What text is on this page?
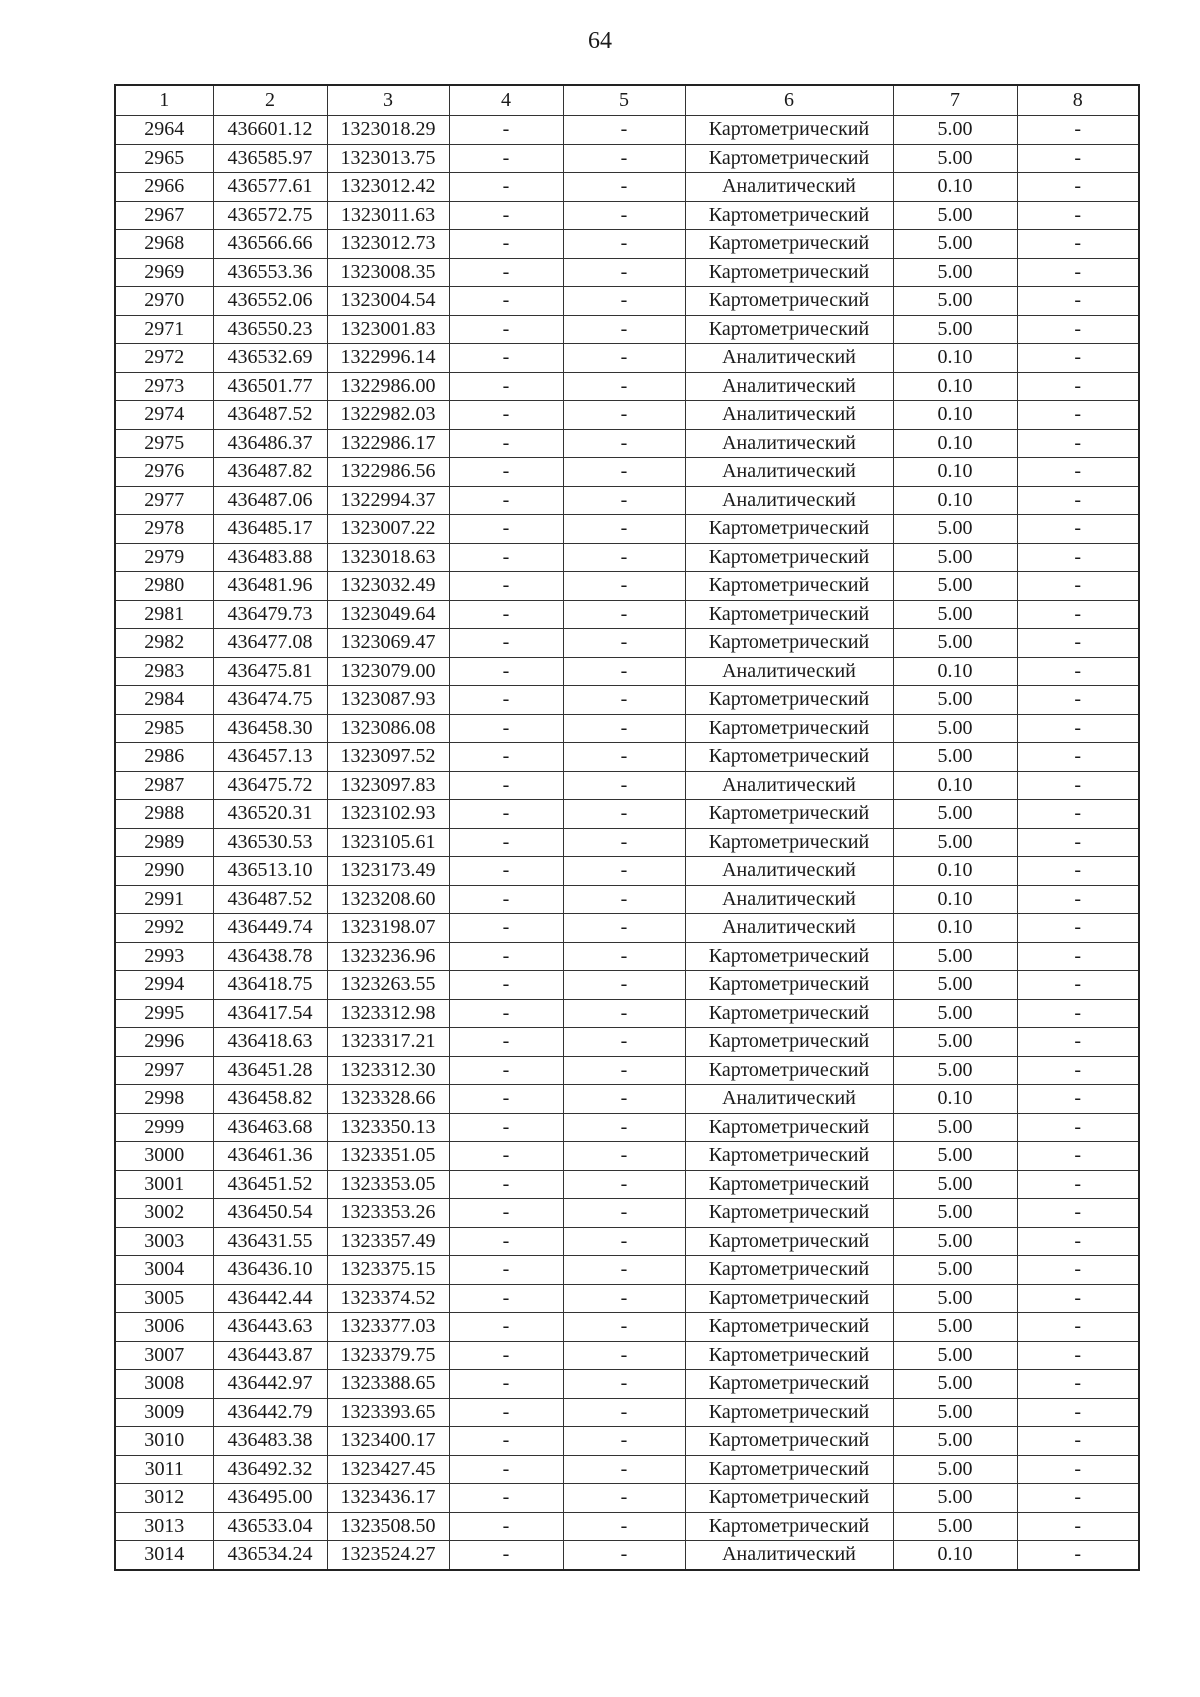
64
1	2	3	4	5	6	7	8
2964	436601.12	1323018.29	-	-	Картометрический	5.00	-
2965	436585.97	1323013.75	-	-	Картометрический	5.00	-
2966	436577.61	1323012.42	-	-	Аналитический	0.10	-
2967	436572.75	1323011.63	-	-	Картометрический	5.00	-
2968	436566.66	1323012.73	-	-	Картометрический	5.00	-
2969	436553.36	1323008.35	-	-	Картометрический	5.00	-
2970	436552.06	1323004.54	-	-	Картометрический	5.00	-
2971	436550.23	1323001.83	-	-	Картометрический	5.00	-
2972	436532.69	1322996.14	-	-	Аналитический	0.10	-
2973	436501.77	1322986.00	-	-	Аналитический	0.10	-
2974	436487.52	1322982.03	-	-	Аналитический	0.10	-
2975	436486.37	1322986.17	-	-	Аналитический	0.10	-
2976	436487.82	1322986.56	-	-	Аналитический	0.10	-
2977	436487.06	1322994.37	-	-	Аналитический	0.10	-
2978	436485.17	1323007.22	-	-	Картометрический	5.00	-
2979	436483.88	1323018.63	-	-	Картометрический	5.00	-
2980	436481.96	1323032.49	-	-	Картометрический	5.00	-
2981	436479.73	1323049.64	-	-	Картометрический	5.00	-
2982	436477.08	1323069.47	-	-	Картометрический	5.00	-
2983	436475.81	1323079.00	-	-	Аналитический	0.10	-
2984	436474.75	1323087.93	-	-	Картометрический	5.00	-
2985	436458.30	1323086.08	-	-	Картометрический	5.00	-
2986	436457.13	1323097.52	-	-	Картометрический	5.00	-
2987	436475.72	1323097.83	-	-	Аналитический	0.10	-
2988	436520.31	1323102.93	-	-	Картометрический	5.00	-
2989	436530.53	1323105.61	-	-	Картометрический	5.00	-
2990	436513.10	1323173.49	-	-	Аналитический	0.10	-
2991	436487.52	1323208.60	-	-	Аналитический	0.10	-
2992	436449.74	1323198.07	-	-	Аналитический	0.10	-
2993	436438.78	1323236.96	-	-	Картометрический	5.00	-
2994	436418.75	1323263.55	-	-	Картометрический	5.00	-
2995	436417.54	1323312.98	-	-	Картометрический	5.00	-
2996	436418.63	1323317.21	-	-	Картометрический	5.00	-
2997	436451.28	1323312.30	-	-	Картометрический	5.00	-
2998	436458.82	1323328.66	-	-	Аналитический	0.10	-
2999	436463.68	1323350.13	-	-	Картометрический	5.00	-
3000	436461.36	1323351.05	-	-	Картометрический	5.00	-
3001	436451.52	1323353.05	-	-	Картометрический	5.00	-
3002	436450.54	1323353.26	-	-	Картометрический	5.00	-
3003	436431.55	1323357.49	-	-	Картометрический	5.00	-
3004	436436.10	1323375.15	-	-	Картометрический	5.00	-
3005	436442.44	1323374.52	-	-	Картометрический	5.00	-
3006	436443.63	1323377.03	-	-	Картометрический	5.00	-
3007	436443.87	1323379.75	-	-	Картометрический	5.00	-
3008	436442.97	1323388.65	-	-	Картометрический	5.00	-
3009	436442.79	1323393.65	-	-	Картометрический	5.00	-
3010	436483.38	1323400.17	-	-	Картометрический	5.00	-
3011	436492.32	1323427.45	-	-	Картометрический	5.00	-
3012	436495.00	1323436.17	-	-	Картометрический	5.00	-
3013	436533.04	1323508.50	-	-	Картометрический	5.00	-
3014	436534.24	1323524.27	-	-	Аналитический	0.10	-
